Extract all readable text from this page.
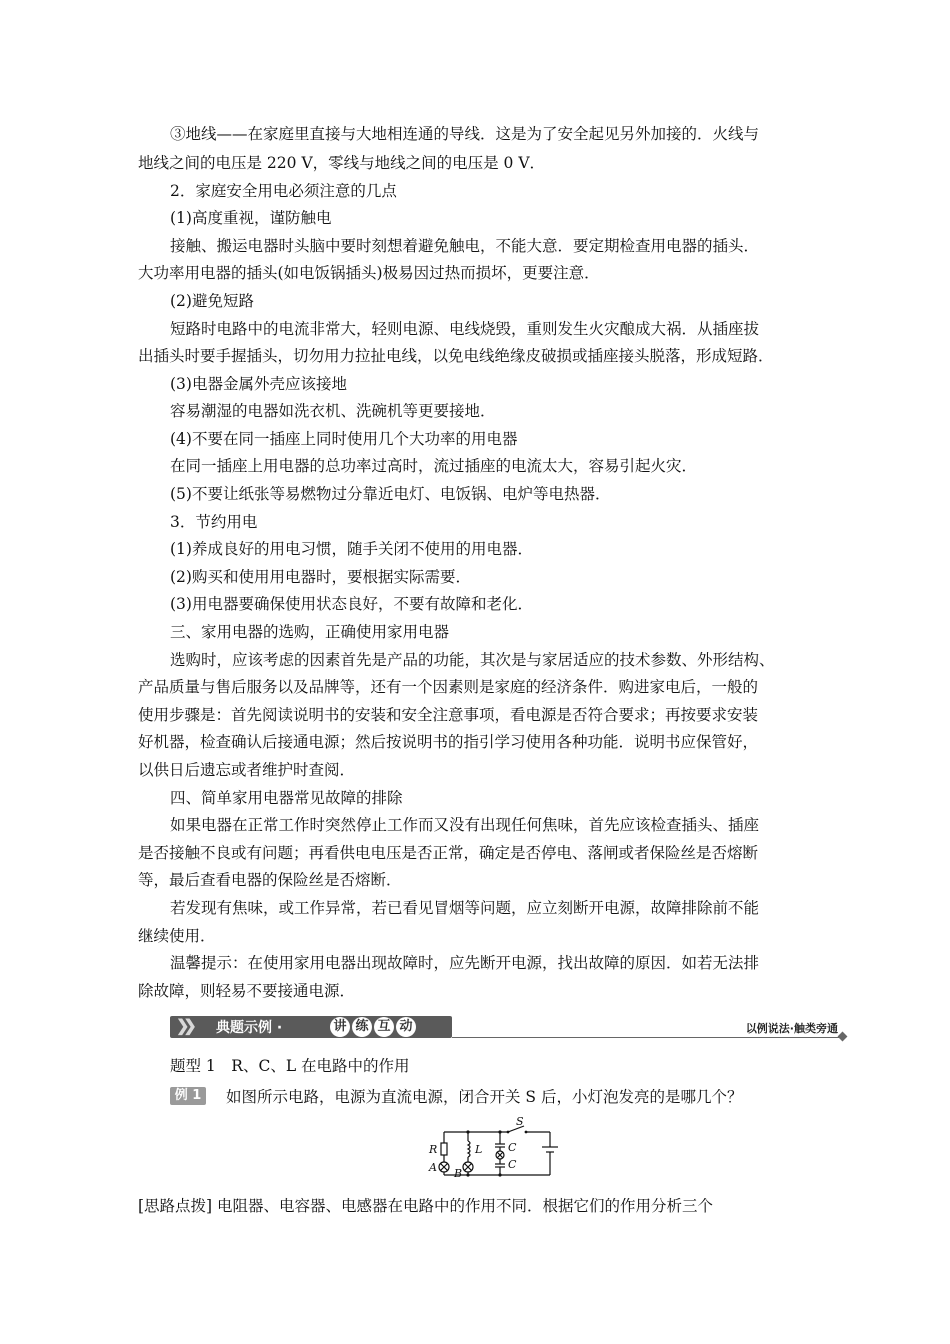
③地线——在家庭里直接与大地相连通的导线．这是为了安全起见另外加接的．火线与
地线之间的电压是 220 V，零线与地线之间的电压是 0 V．
2．家庭安全用电必须注意的几点
(1)高度重视，谨防触电
接触、搬运电器时头脑中要时刻想着避免触电，不能大意．要定期检查用电器的插头．
大功率用电器的插头(如电饭锅插头)极易因过热而损坏，更要注意．
(2)避免短路
短路时电路中的电流非常大，轻则电源、电线烧毁，重则发生火灾酿成大祸．从插座拔
出插头时要手握插头，切勿用力拉扯电线，以免电线绝缘皮破损或插座接头脱落，形成短路．
(3)电器金属外壳应该接地
容易潮湿的电器如洗衣机、洗碗机等更要接地．
(4)不要在同一插座上同时使用几个大功率的用电器
在同一插座上用电器的总功率过高时，流过插座的电流太大，容易引起火灾．
(5)不要让纸张等易燃物过分靠近电灯、电饭锅、电炉等电热器．
3．节约用电
(1)养成良好的用电习惯，随手关闭不使用的用电器．
(2)购买和使用用电器时，要根据实际需要．
(3)用电器要确保使用状态良好，不要有故障和老化．
三、家用电器的选购，正确使用家用电器
选购时，应该考虑的因素首先是产品的功能，其次是与家居适应的技术参数、外形结构、
产品质量与售后服务以及品牌等，还有一个因素则是家庭的经济条件．购进家电后，一般的
使用步骤是：首先阅读说明书的安装和安全注意事项，看电源是否符合要求；再按要求安装
好机器，检查确认后接通电源；然后按说明书的指引学习使用各种功能．说明书应保管好，
以供日后遗忘或者维护时查阅．
四、简单家用电器常见故障的排除
如果电器在正常工作时突然停止工作而又没有出现任何焦味，首先应该检查插头、插座
是否接触不良或有问题；再看供电电压是否正常，确定是否停电、落闸或者保险丝是否熔断
等，最后查看电器的保险丝是否熔断．
若发现有焦味，或工作异常，若已看见冒烟等问题，应立刻断开电源，故障排除前不能
继续使用．
温馨提示：在使用家用电器出现故障时，应先断开电源，找出故障的原因．如若无法排
除故障，则轻易不要接通电源．
❯❯ 典题示例 ·	讲 练 互 动	以例说法·触类旁通
题型 1　R、C、L 在电路中的作用
例 1	如图所示电路，电源为直流电源，闭合开关 S 后，小灯泡发亮的是哪几个？
S
R
A
L
B
C
C
[思路点拨] 电阻器、电容器、电感器在电路中的作用不同．根据它们的作用分析三个
